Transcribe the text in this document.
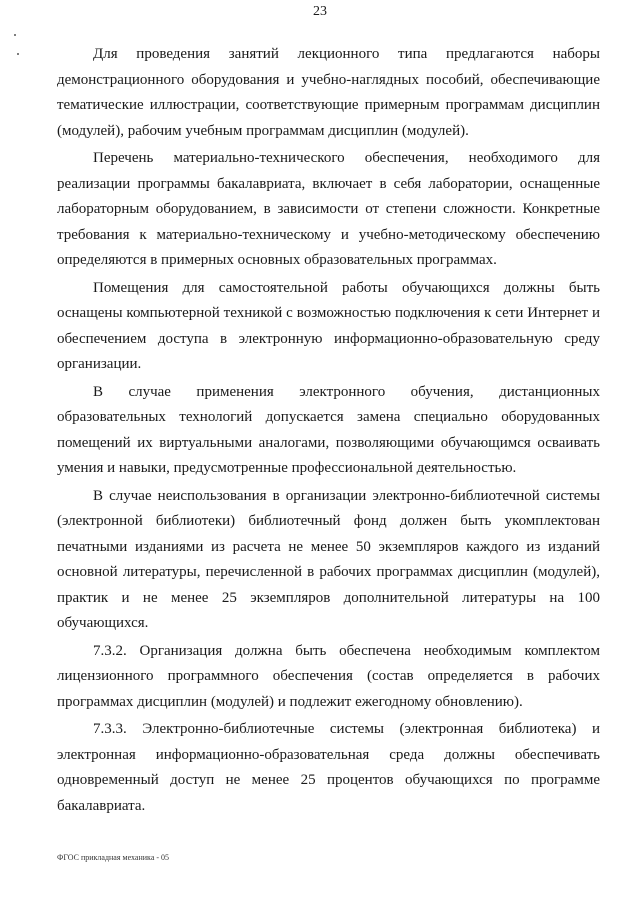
23

Для проведения занятий лекционного типа предлагаются наборы демонстрационного оборудования и учебно-наглядных пособий, обеспечивающие тематические иллюстрации, соответствующие примерным программам дисциплин (модулей), рабочим учебным программам дисциплин (модулей).

Перечень материально-технического обеспечения, необходимого для реализации программы бакалавриата, включает в себя лаборатории, оснащенные лабораторным оборудованием, в зависимости от степени сложности. Конкретные требования к материально-техническому и учебно-методическому обеспечению определяются в примерных основных образовательных программах.

Помещения для самостоятельной работы обучающихся должны быть оснащены компьютерной техникой с возможностью подключения к сети Интернет и обеспечением доступа в электронную информационно-образовательную среду организации.

В случае применения электронного обучения, дистанционных образовательных технологий допускается замена специально оборудованных помещений их виртуальными аналогами, позволяющими обучающимся осваивать умения и навыки, предусмотренные профессиональной деятельностью.

В случае неиспользования в организации электронно-библиотечной системы (электронной библиотеки) библиотечный фонд должен быть укомплектован печатными изданиями из расчета не менее 50 экземпляров каждого из изданий основной литературы, перечисленной в рабочих программах дисциплин (модулей), практик и не менее 25 экземпляров дополнительной литературы на 100 обучающихся.

7.3.2. Организация должна быть обеспечена необходимым комплектом лицензионного программного обеспечения (состав определяется в рабочих программах дисциплин (модулей) и подлежит ежегодному обновлению).

7.3.3. Электронно-библиотечные системы (электронная библиотека) и электронная информационно-образовательная среда должны обеспечивать одновременный доступ не менее 25 процентов обучающихся по программе бакалавриата.

ФГОС прикладная механика - 05
